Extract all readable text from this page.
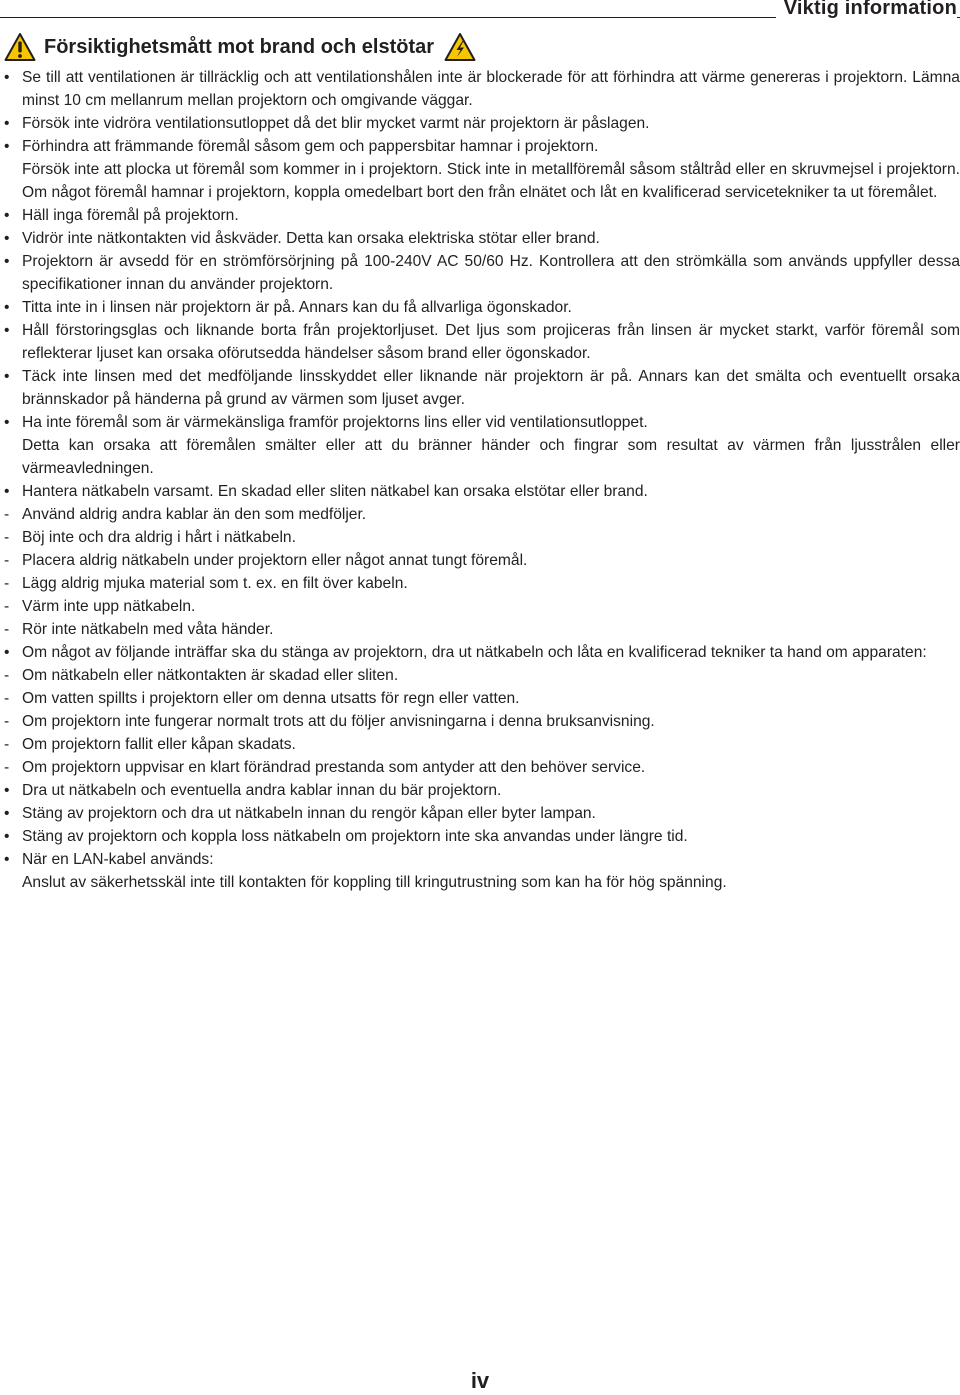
Viktig information
Försiktighetsmått mot brand och elstötar
• Se till att ventilationen är tillräcklig och att ventilationshålen inte är blockerade för att förhindra att värme genereras i projektorn. Lämna minst 10 cm mellanrum mellan projektorn och omgivande väggar.
• Försök inte vidröra ventilationsutloppet då det blir mycket varmt när projektorn är påslagen.
• Förhindra att främmande föremål såsom gem och pappersbitar hamnar i projektorn.
Försök inte att plocka ut föremål som kommer in i projektorn. Stick inte in metallföremål såsom ståltråd eller en skruvmejsel i projektorn. Om något föremål hamnar i projektorn, koppla omedelbart bort den från elnätet och låt en kvalificerad servicetekniker ta ut föremålet.
• Häll inga föremål på projektorn.
• Vidrör inte nätkontakten vid åskväder. Detta kan orsaka elektriska stötar eller brand.
• Projektorn är avsedd för en strömförsörjning på 100-240V AC 50/60 Hz. Kontrollera att den strömkälla som används uppfyller dessa specifikationer innan du använder projektorn.
• Titta inte in i linsen när projektorn är på. Annars kan du få allvarliga ögonskador.
• Håll förstoringsglas och liknande borta från projektorljuset. Det ljus som projiceras från linsen är mycket starkt, varför föremål som reflekterar ljuset kan orsaka oförutsedda händelser såsom brand eller ögonskador.
• Täck inte linsen med det medföljande linsskyddet eller liknande när projektorn är på. Annars kan det smälta och eventuellt orsaka brännskador på händerna på grund av värmen som ljuset avger.
• Ha inte föremål som är värmekänsliga framför projektorns lins eller vid ventilationsutloppet.
Detta kan orsaka att föremålen smälter eller att du bränner händer och fingrar som resultat av värmen från ljusstrålen eller värmeavledningen.
• Hantera nätkabeln varsamt. En skadad eller sliten nätkabel kan orsaka elstötar eller brand.
- Använd aldrig andra kablar än den som medföljer.
- Böj inte och dra aldrig i hårt i nätkabeln.
- Placera aldrig nätkabeln under projektorn eller något annat tungt föremål.
- Lägg aldrig mjuka material som t. ex. en filt över kabeln.
- Värm inte upp nätkabeln.
- Rör inte nätkabeln med våta händer.
• Om något av följande inträffar ska du stänga av projektorn, dra ut nätkabeln och låta en kvalificerad tekniker ta hand om apparaten:
- Om nätkabeln eller nätkontakten är skadad eller sliten.
- Om vatten spillts i projektorn eller om denna utsatts för regn eller vatten.
- Om projektorn inte fungerar normalt trots att du följer anvisningarna i denna bruksanvisning.
- Om projektorn fallit eller kåpan skadats.
- Om projektorn uppvisar en klart förändrad prestanda som antyder att den behöver service.
• Dra ut nätkabeln och eventuella andra kablar innan du bär projektorn.
• Stäng av projektorn och dra ut nätkabeln innan du rengör kåpan eller byter lampan.
• Stäng av projektorn och koppla loss nätkabeln om projektorn inte ska anvandas under längre tid.
• När en LAN-kabel används:
Anslut av säkerhetsskäl inte till kontakten för koppling till kringutrustning som kan ha för hög spänning.
iv
